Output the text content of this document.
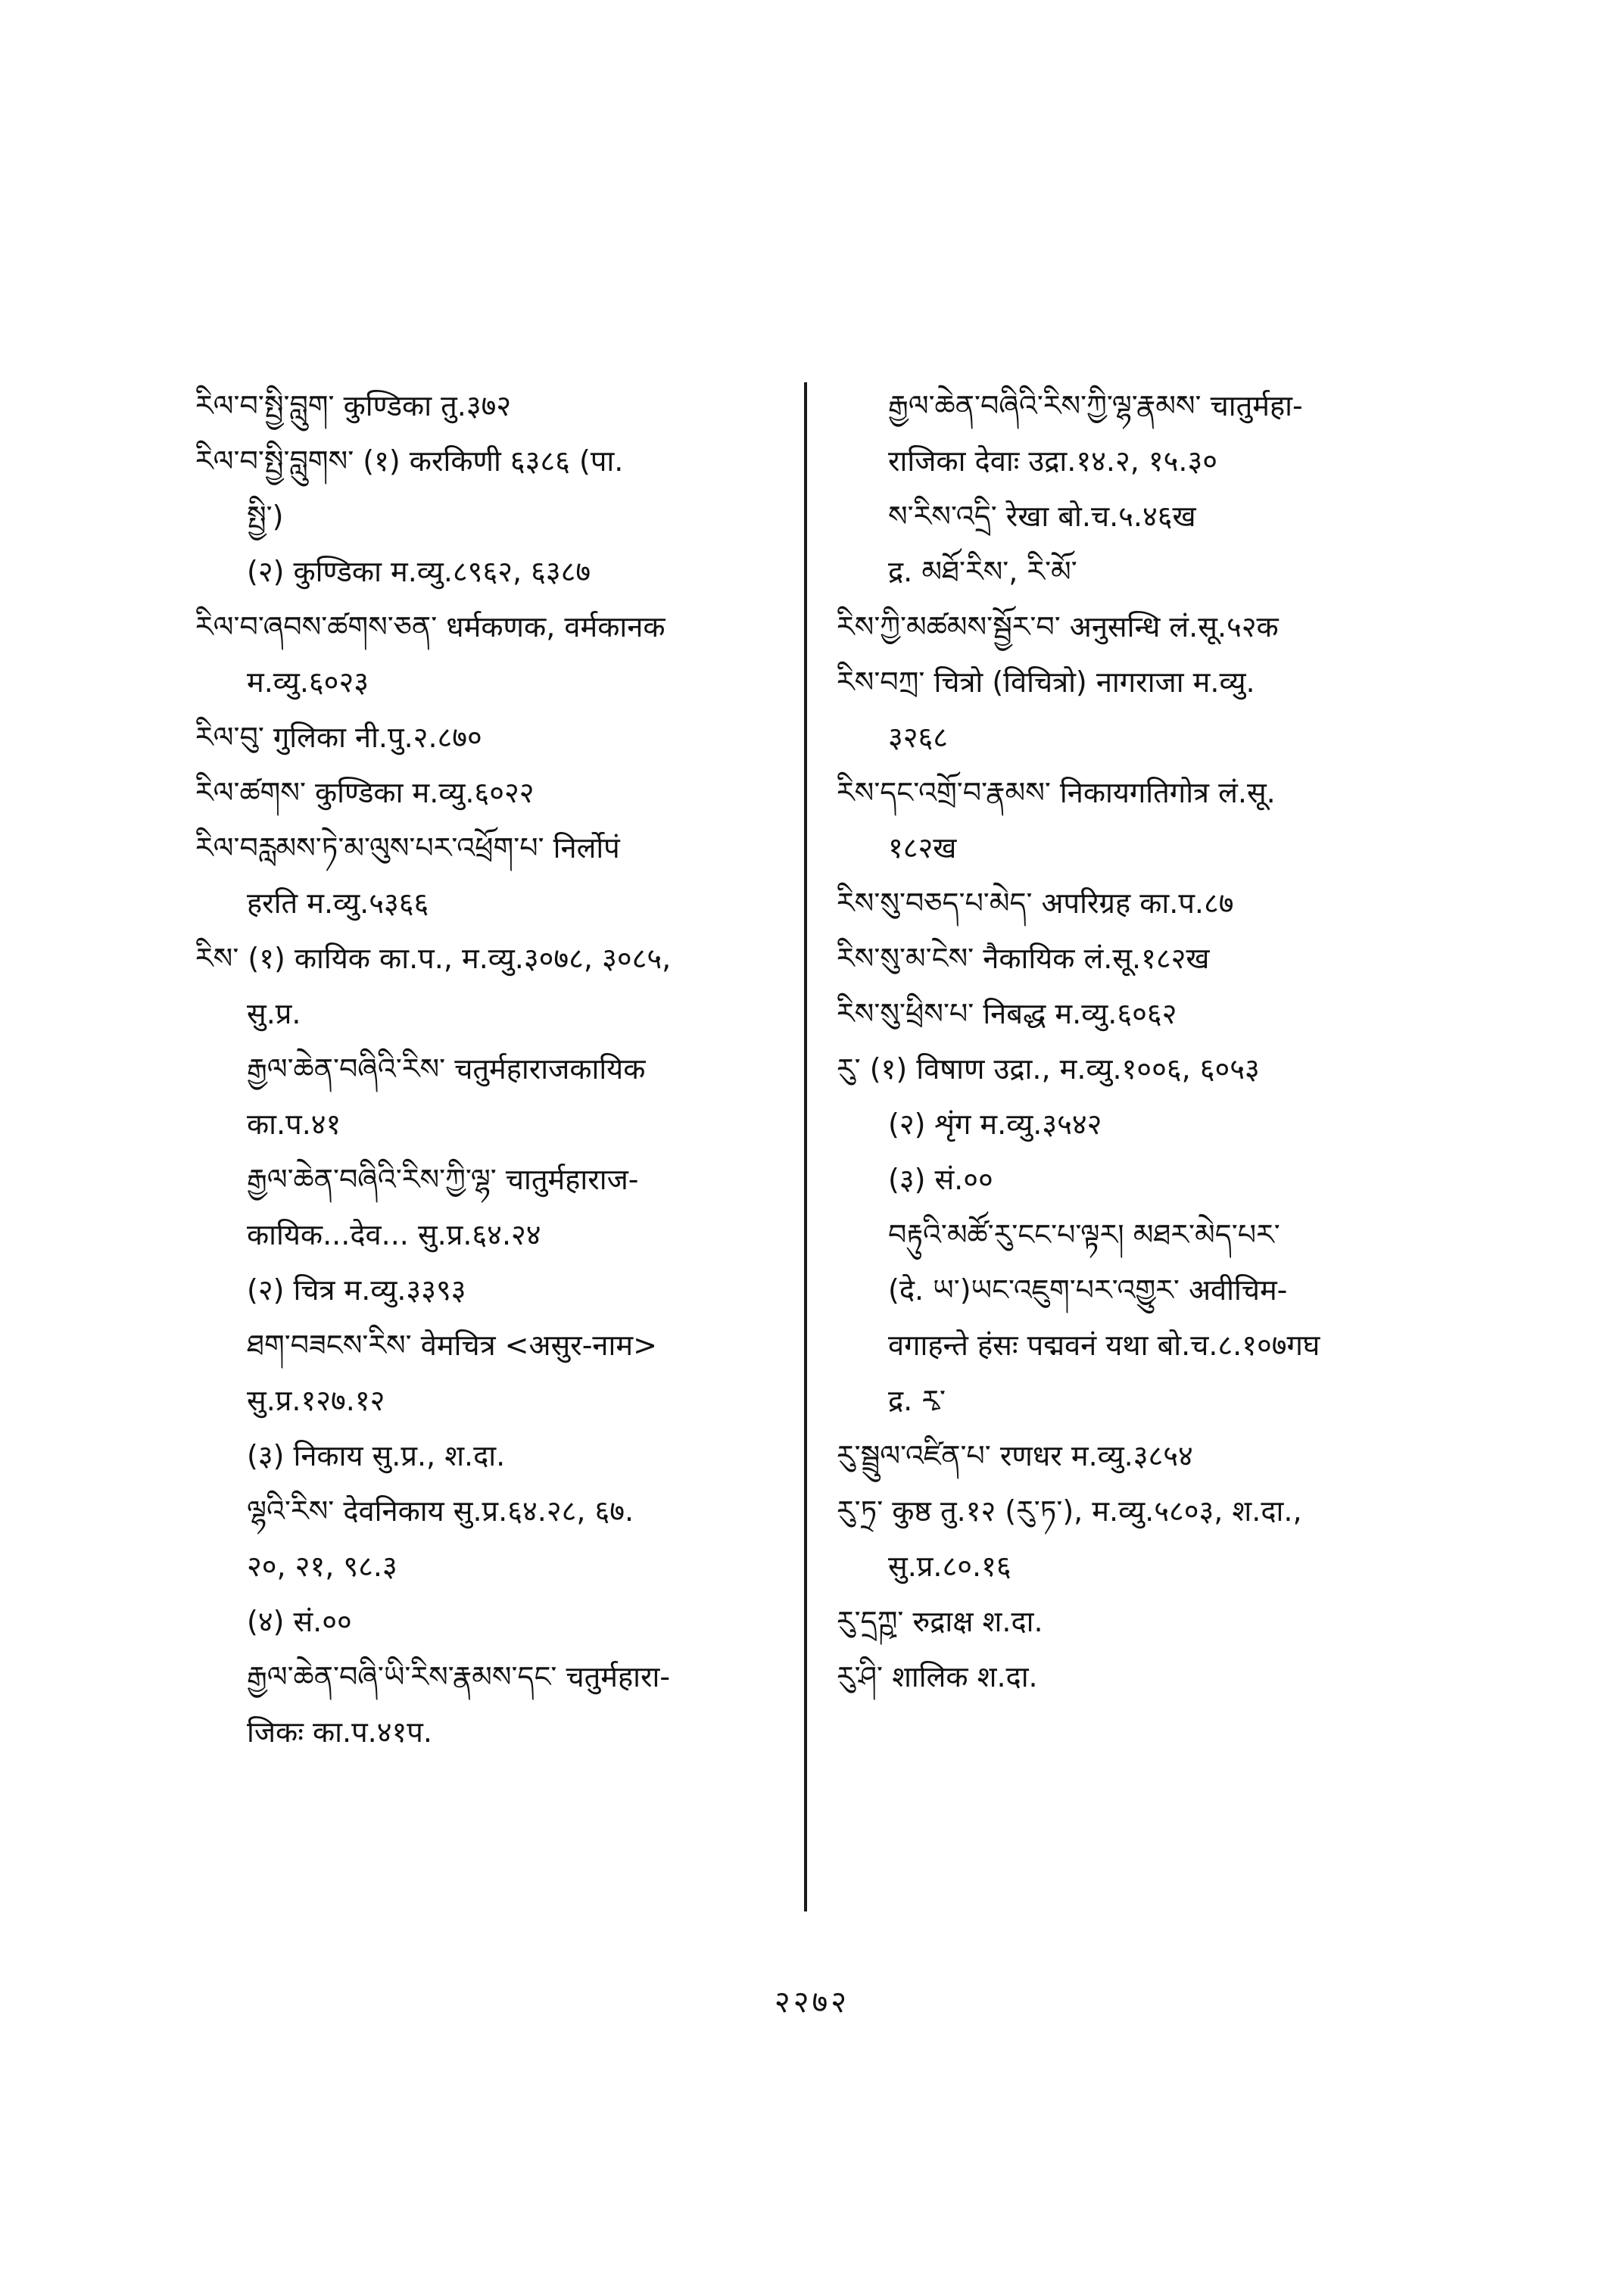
རིལ་བ་སྤྱི་བླུག་ कुण्डिका तु.३७२
རིལ་བ་སྤྱི་བླུགས་ (१) करकिणी ६३८६ (पा.
སྤྱི་)
(२) कुण्डिका म.व्यु.८९६२, ६३८७
རིལ་བ་ཞབས་ཚགས་ཅན་ धर्मकणक, वर्मकानक
म.व्यु.६०२३
རིལ་བུ་ गुलिका नी.पु.२.८७०
རིལ་ཚགས་ कुण्डिका म.व्यु.६०२२
རིལ་བརླམས་ཏེ་མ་ལུས་པར་འཕྲོག་པ་ निर्लोपं
हरति म.व्यु.५३६६
རིས་ (१) कायिक का.प., म.व्यु.३०७८, ३०८५,
सु.प्र.
རྒྱལ་ཆེན་བཞིའི་རིས་ चतुर्महाराजकायिक
का.प.४१
རྒྱལ་ཆེན་བཞིའི་རིས་ཀྱི་ལྷ་ चातुर्महाराज-
कायिक...देव... सु.प्र.६४.२४
(२) चित्र म.व्यु.३३९३
ཐག་བཟངས་རིས་ वेमचित्र <असुर-नाम>
सु.प्र.१२७.१२
(३) निकाय सु.प्र., श.दा.
ལྷའི་རིས་ देवनिकाय सु.प्र.६४.२८, ६७.
२०, २१, ९८.३
(४) सं.००
རྒྱལ་ཆེན་བཞི་ཡི་རིས་རྣམས་དང་ चतुर्महारा-
जिकः का.प.४१प.
རྒྱལ་ཆེན་བཞིའི་རིས་ཀྱི་ལྷ་རྣམས་ चातुर्महा-
राजिका देवाः उद्रा.१४.२, १५.३०
ས་རིས་འདྲི་ रेखा बो.च.५.४६ख
द्र. མཐོ་རིས་, རི་མོ་
རིས་ཀྱི་མཚམས་སྦྱོར་བ་ अनुसन्धि लं.सू.५२क
རིས་བཀྲ་ चित्रो (विचित्रो) नागराजा म.व्यु.
३२६८
རིས་དང་འགྲོ་བ་རྣམས་ निकायगतिगोत्र लं.सू.
१८२ख
རིས་སུ་བཅད་པ་མེད་ अपरिग्रह का.प.८७
རིས་སུ་མ་ངེས་ नैकायिक लं.सू.१८२ख
རིས་སུ་ཕྲིས་པ་ निबद्ध म.व्यु.६०६२
རུ་ (१) विषाण उद्रा., म.व्यु.१००६, ६०५३
(२) शृंग म.व्यु.३५४२
(३) सं.००
བརྟུའི་མཚོ་རུ་ངང་པ་ལྟར། མཐར་མེད་པར་
(दे. ཡ་)ཡང་འཇུག་པར་འགྱུར་ अवीचिम-
वगाहन्ते हंसः पद्मवनं यथा बो.च.८.१०७गघ
द्र. རྭ་
རུ་སྦྲུལ་འཛིན་པ་ रणधर म.व्यु.३८५४
རུ་ཏྲ་ कुष्ठ तु.१२ (རུ་ཏ་), म.व्यु.५८०३, श.दा.,
सु.प्र.८०.१६
རུ་དྲཀྵ་ रुद्राक्ष श.दा.
རུ་ཤི་ शालिक श.दा.
२२७२
